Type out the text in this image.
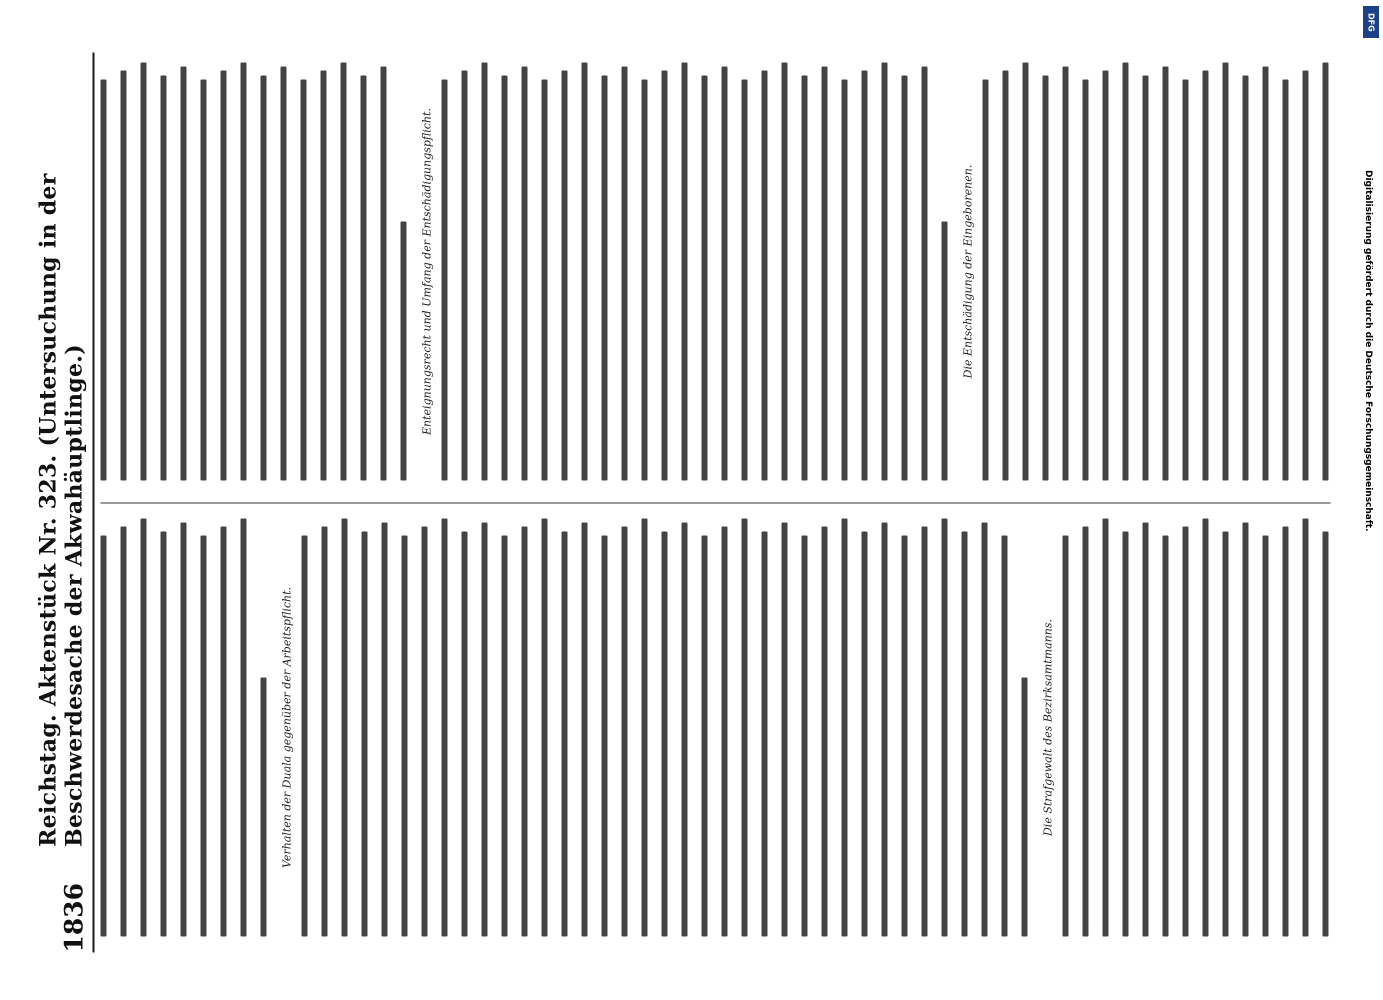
1836
Reichstag. Aktenstück Nr. 323. (Untersuchung in der Beschwerdesache der Akwahäuptlinge.)	Verhalten der Duala gegenüber der Arbeitspflicht.	Die Strafgewalt des Bezirksamtmanns.
Enteignungsrecht und Umfang der Entschädigungspflicht.	Die Entschädigung der Eingeborenen.
DFG
Digitalisierung gefördert durch die Deutsche Forschungsgemeinschaft.
